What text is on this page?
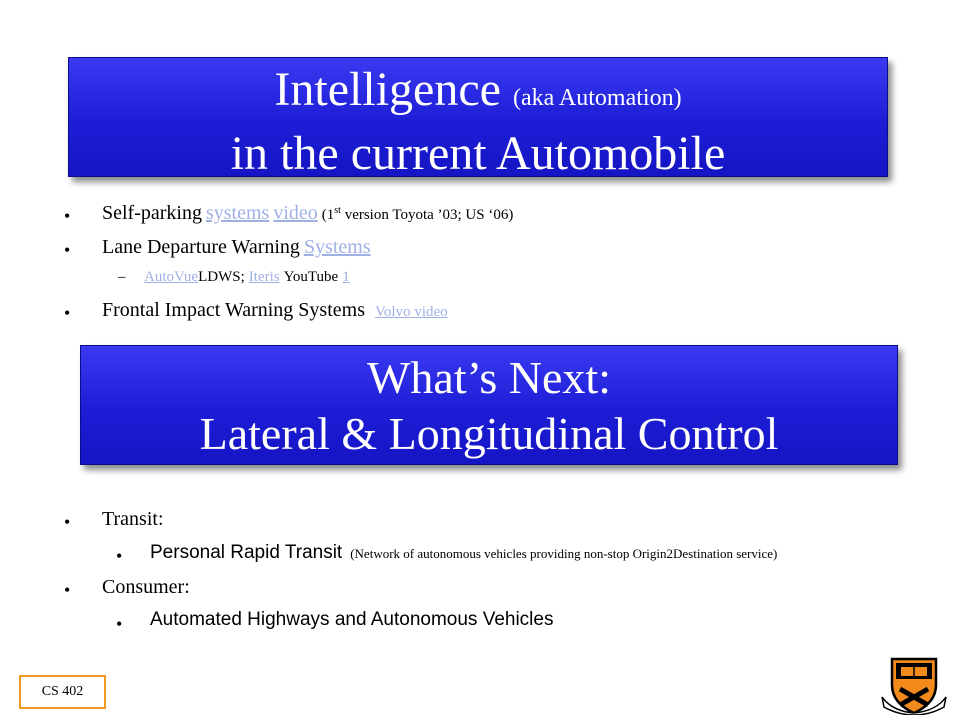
Intelligence (aka Automation)
in the current Automobile
• Self-parking systems video (1st version Toyota ’03; US ‘06)
• Lane Departure Warning Systems
– AutoVueLDWS; Iteris YouTube 1
• Frontal Impact Warning Systems Volvo video
What’s Next:
Lateral & Longitudinal Control
• Transit:
• Personal Rapid Transit (Network of autonomous vehicles providing non-stop Origin2Destination service)
• Consumer:
• Automated Highways and Autonomous Vehicles
CS 402
